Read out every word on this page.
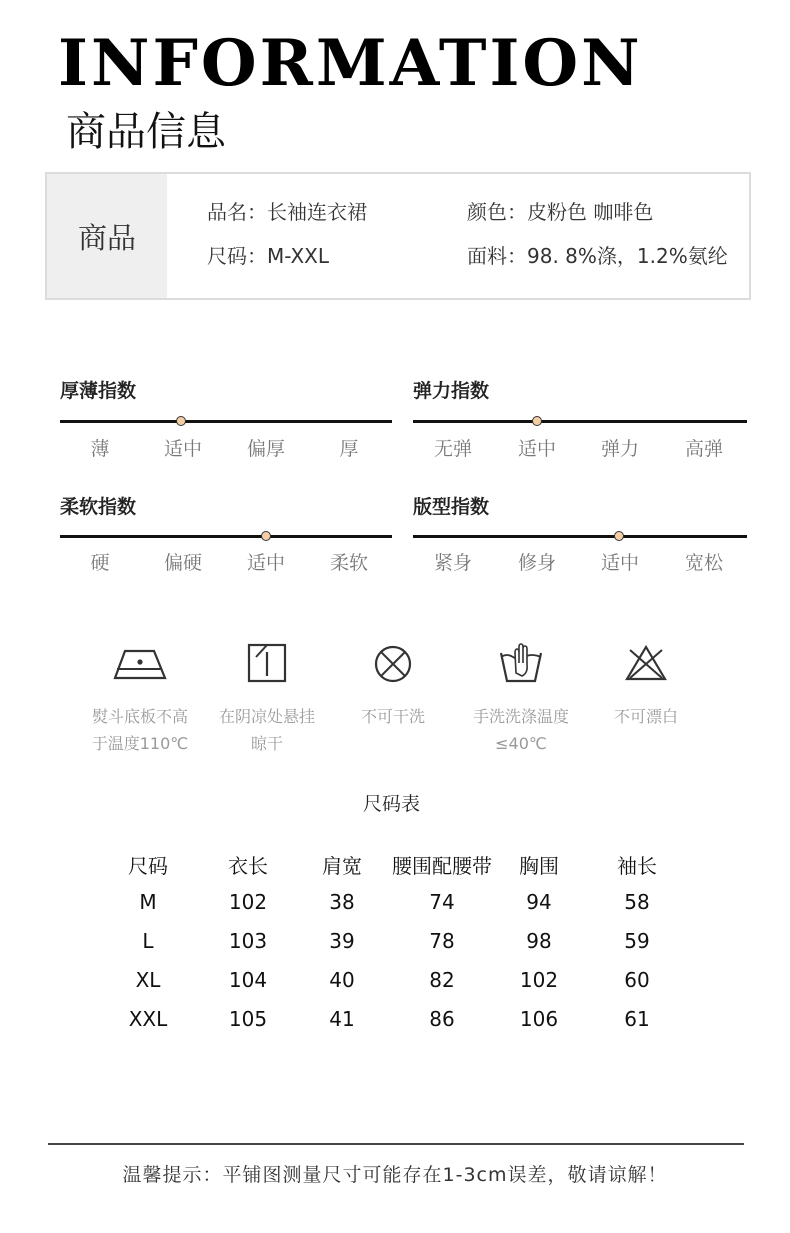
INFORMATION
商品信息
商品
品名：长袖连衣裙
尺码：M-XXL
颜色：皮粉色 咖啡色
面料：98. 8%涤，1.2%氨纶
厚薄指数
薄	适中	偏厚	厚
弹力指数
无弹	适中	弹力	高弹
柔软指数
硬	偏硬	适中	柔软
版型指数
紧身	修身	适中	宽松
熨斗底板不高
于温度110℃
在阴凉处悬挂
晾干
不可干洗	手洗洗涤温度
≤40℃
不可漂白
尺码表
尺码	衣长	肩宽	腰围配腰带	胸围	袖长
M	102	38	74	94	58
L	103	39	78	98	59
XL	104	40	82	102	60
XXL	105	41	86	106	61
温馨提示：平铺图测量尺寸可能存在1-3cm误差，敬请谅解！
